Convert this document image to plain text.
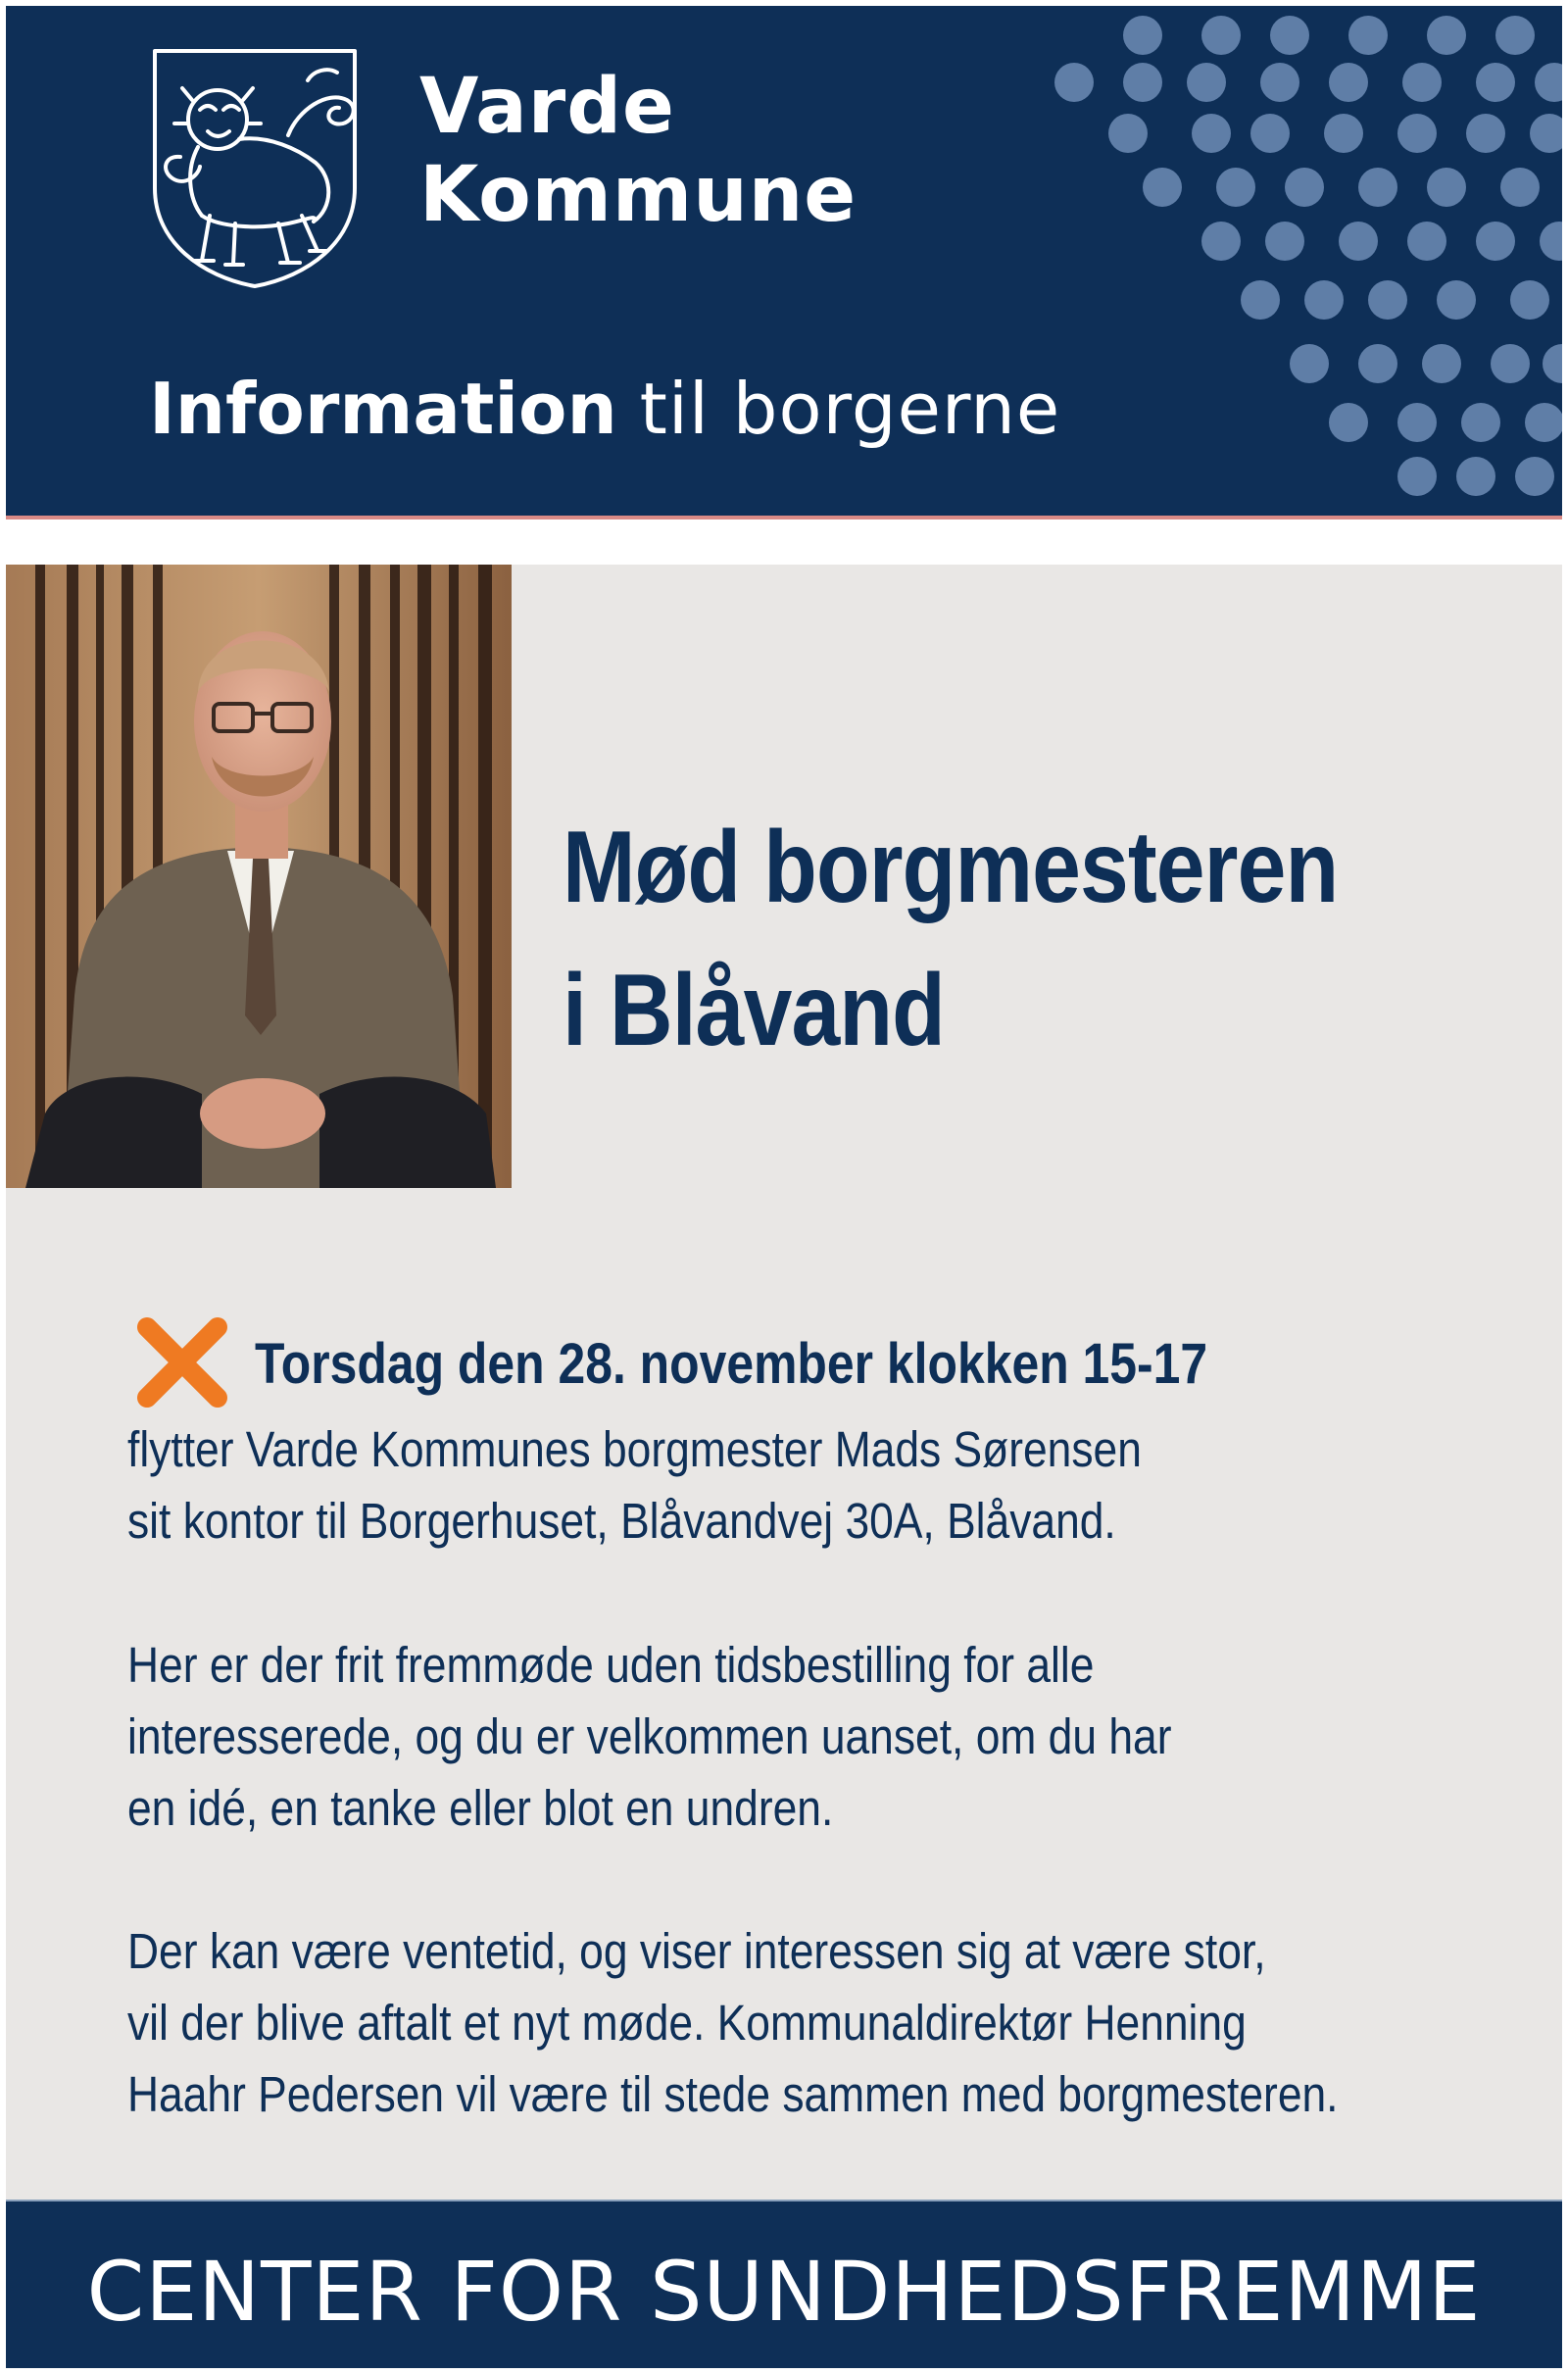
Varde
Kommune
Information til borgerne
Mød borgmesteren
i Blåvand
Torsdag den 28. november klokken 15-17
flytter Varde Kommunes borgmester Mads Sørensen
sit kontor til Borgerhuset, Blåvandvej 30A, Blåvand.
Her er der frit fremmøde uden tidsbestilling for alle
interesserede, og du er velkommen uanset, om du har
en idé, en tanke eller blot en undren.
Der kan være ventetid, og viser interessen sig at være stor,
vil der blive aftalt et nyt møde. Kommunaldirektør Henning
Haahr Pedersen vil være til stede sammen med borgmesteren.
CENTER FOR SUNDHEDSFREMME
